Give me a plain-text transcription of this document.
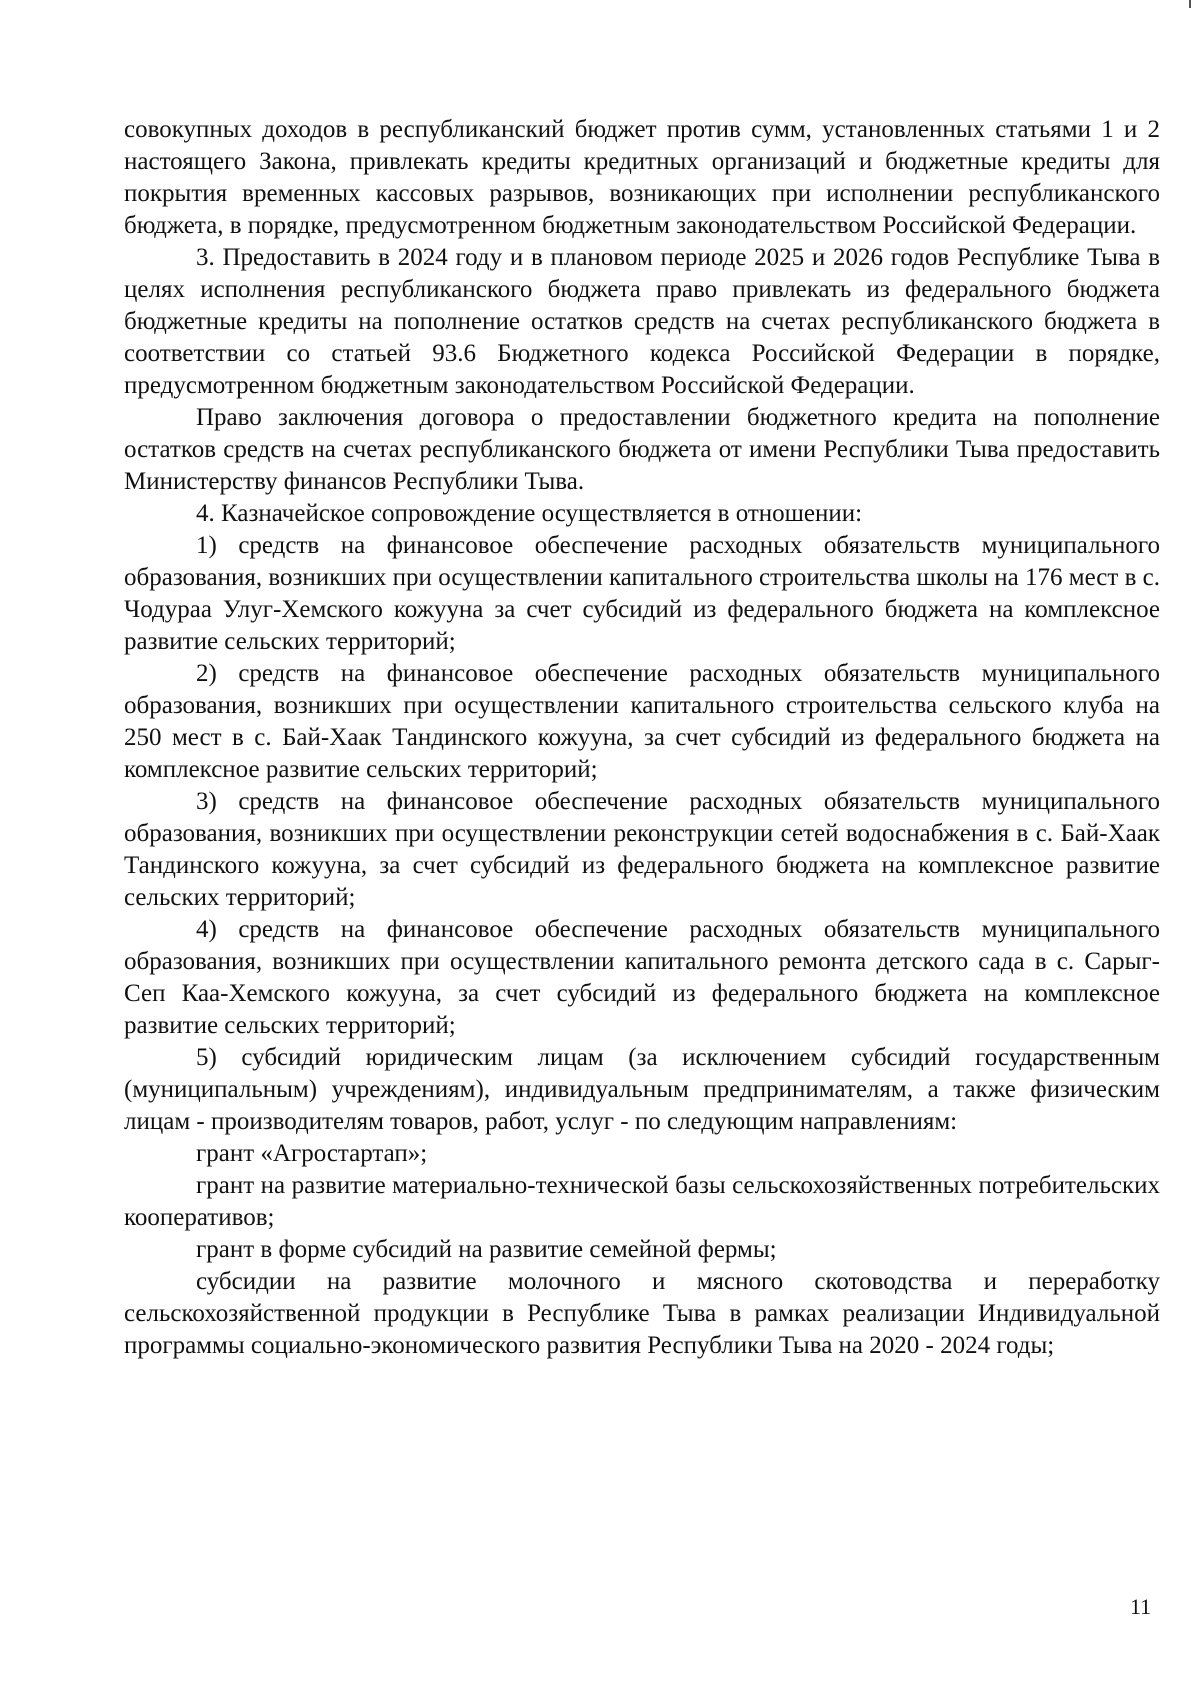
совокупных доходов в республиканский бюджет против сумм, установленных статьями 1 и 2 настоящего Закона, привлекать кредиты кредитных организаций и бюджетные кредиты для покрытия временных кассовых разрывов, возникающих при исполнении республиканского бюджета, в порядке, предусмотренном бюджетным законодательством Российской Федерации.

3. Предоставить в 2024 году и в плановом периоде 2025 и 2026 годов Республике Тыва в целях исполнения республиканского бюджета право привлекать из федерального бюджета бюджетные кредиты на пополнение остатков средств на счетах республиканского бюджета в соответствии со статьей 93.6 Бюджетного кодекса Российской Федерации в порядке, предусмотренном бюджетным законодательством Российской Федерации.

Право заключения договора о предоставлении бюджетного кредита на пополнение остатков средств на счетах республиканского бюджета от имени Республики Тыва предоставить Министерству финансов Республики Тыва.

4. Казначейское сопровождение осуществляется в отношении:

1) средств на финансовое обеспечение расходных обязательств муниципального образования, возникших при осуществлении капитального строительства школы на 176 мест в с. Чодураа Улуг-Хемского кожууна за счет субсидий из федерального бюджета на комплексное развитие сельских территорий;

2) средств на финансовое обеспечение расходных обязательств муниципального образования, возникших при осуществлении капитального строительства сельского клуба на 250 мест в с. Бай-Хаак Тандинского кожууна, за счет субсидий из федерального бюджета на комплексное развитие сельских территорий;

3) средств на финансовое обеспечение расходных обязательств муниципального образования, возникших при осуществлении реконструкции сетей водоснабжения в с. Бай-Хаак Тандинского кожууна, за счет субсидий из федерального бюджета на комплексное развитие сельских территорий;

4) средств на финансовое обеспечение расходных обязательств муниципального образования, возникших при осуществлении капитального ремонта детского сада в с. Сарыг-Сеп Каа-Хемского кожууна, за счет субсидий из федерального бюджета на комплексное развитие сельских территорий;

5) субсидий юридическим лицам (за исключением субсидий государственным (муниципальным) учреждениям), индивидуальным предпринимателям, а также физическим лицам - производителям товаров, работ, услуг - по следующим направлениям:

грант «Агростартап»;

грант на развитие материально-технической базы сельскохозяйственных потребительских кооперативов;

грант в форме субсидий на развитие семейной фермы;

субсидии на развитие молочного и мясного скотоводства и переработку сельскохозяйственной продукции в Республике Тыва в рамках реализации Индивидуальной программы социально-экономического развития Республики Тыва на 2020 - 2024 годы;

11
